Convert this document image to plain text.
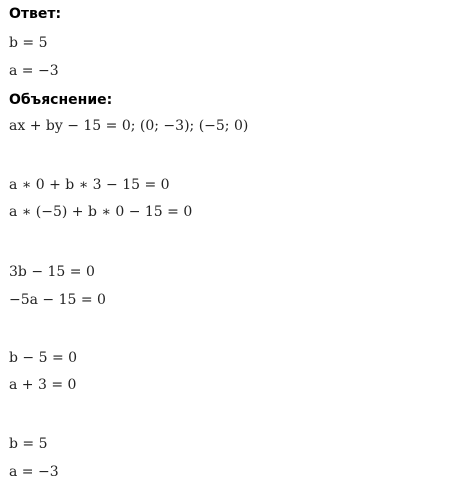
Ответ:
b = 5
a = −3
Объяснение:
ax + by − 15 = 0; (0; −3); (−5; 0)
a ∗ 0 + b ∗ 3 − 15 = 0
a ∗ (−5) + b ∗ 0 − 15 = 0
3b − 15 = 0
−5a − 15 = 0
b − 5 = 0
a + 3 = 0
b = 5
a = −3
